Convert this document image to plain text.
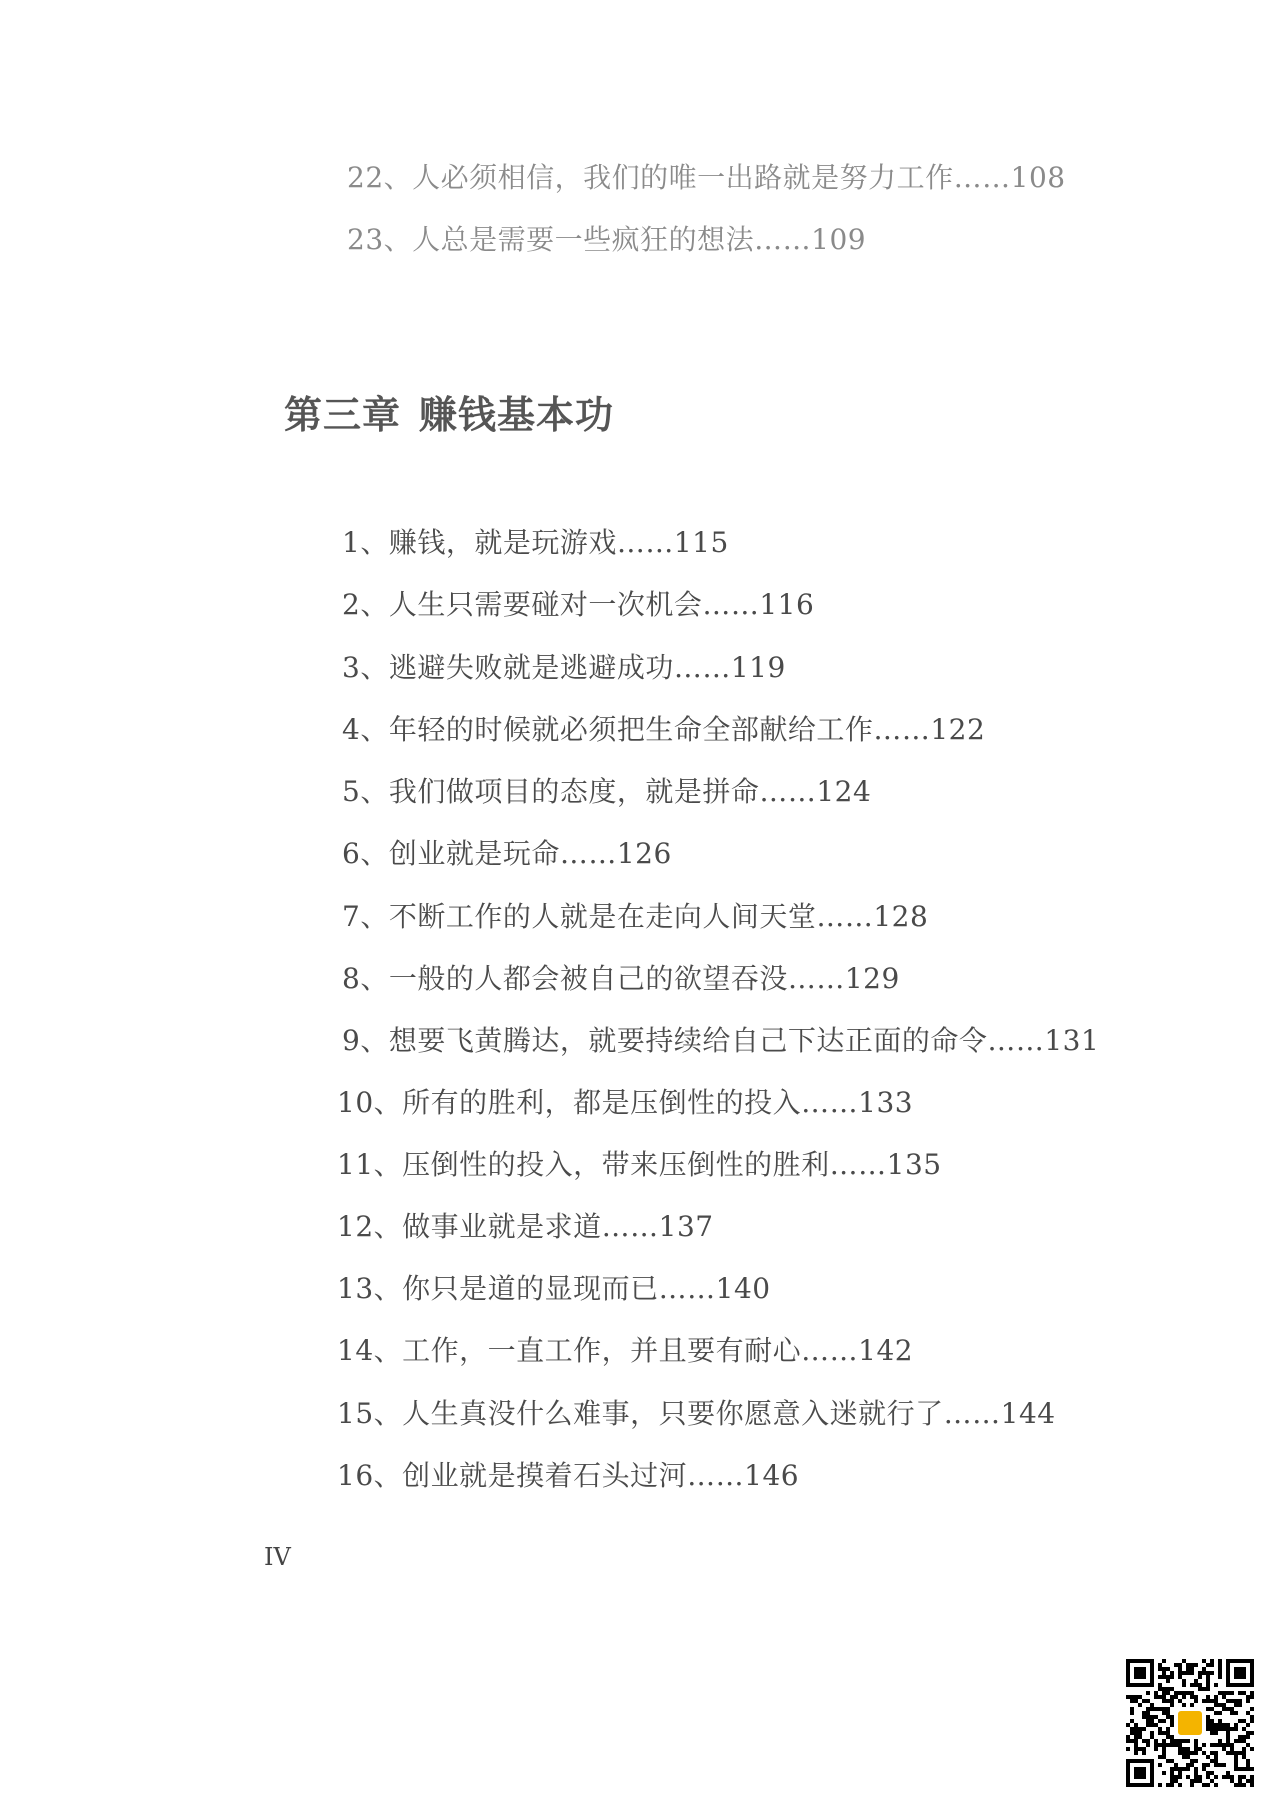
22、人必须相信，我们的唯一出路就是努力工作……108
23、人总是需要一些疯狂的想法……109
第三章 赚钱基本功
1、赚钱，就是玩游戏……115
2、人生只需要碰对一次机会……116
3、逃避失败就是逃避成功……119
4、年轻的时候就必须把生命全部献给工作……122
5、我们做项目的态度，就是拼命……124
6、创业就是玩命……126
7、不断工作的人就是在走向人间天堂……128
8、一般的人都会被自己的欲望吞没……129
9、想要飞黄腾达，就要持续给自己下达正面的命令……131
10、所有的胜利，都是压倒性的投入……133
11、压倒性的投入，带来压倒性的胜利……135
12、做事业就是求道……137
13、你只是道的显现而已……140
14、工作，一直工作，并且要有耐心……142
15、人生真没什么难事，只要你愿意入迷就行了……144
16、创业就是摸着石头过河……146
IV
